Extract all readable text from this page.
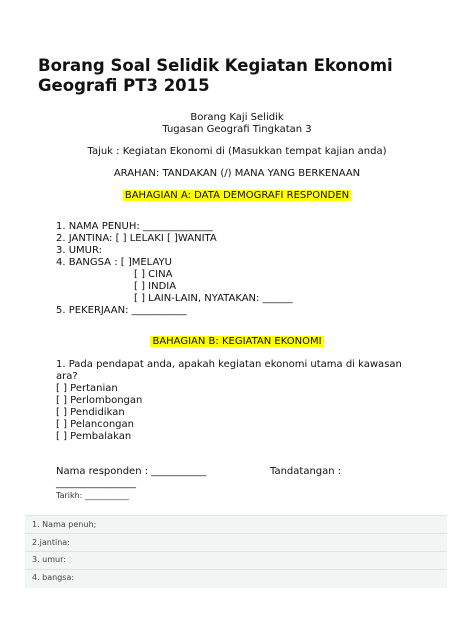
Borang Soal Selidik Kegiatan Ekonomi
Geografi PT3 2015
Borang Kaji Selidik
Tugasan Geografi Tingkatan 3
Tajuk : Kegiatan Ekonomi di (Masukkan tempat kajian anda)
ARAHAN: TANDAKAN (/) MANA YANG BERKENAAN
BAHAGIAN A: DATA DEMOGRAFI RESPONDEN
1. NAMA PENUH: ______________
2. JANTINA: [ ] LELAKI [ ]WANITA
3. UMUR:
4. BANGSA : [ ]MELAYU
[ ] CINA
[ ] INDIA
[ ] LAIN-LAIN, NYATAKAN: ______
5. PEKERJAAN: ___________
BAHAGIAN B: KEGIATAN EKONOMI
1. Pada pendapat anda, apakah kegiatan ekonomi utama di kawasan
ara?
[ ] Pertanian
[ ] Perlombongan
[ ] Pendidikan
[ ] Pelancongan
[ ] Pembalakan
Nama responden : ___________	Tandatangan :
________________
Tarikh: ___________
1. Nama penuh;
2.jantina:
3. umur:
4. bangsa:
